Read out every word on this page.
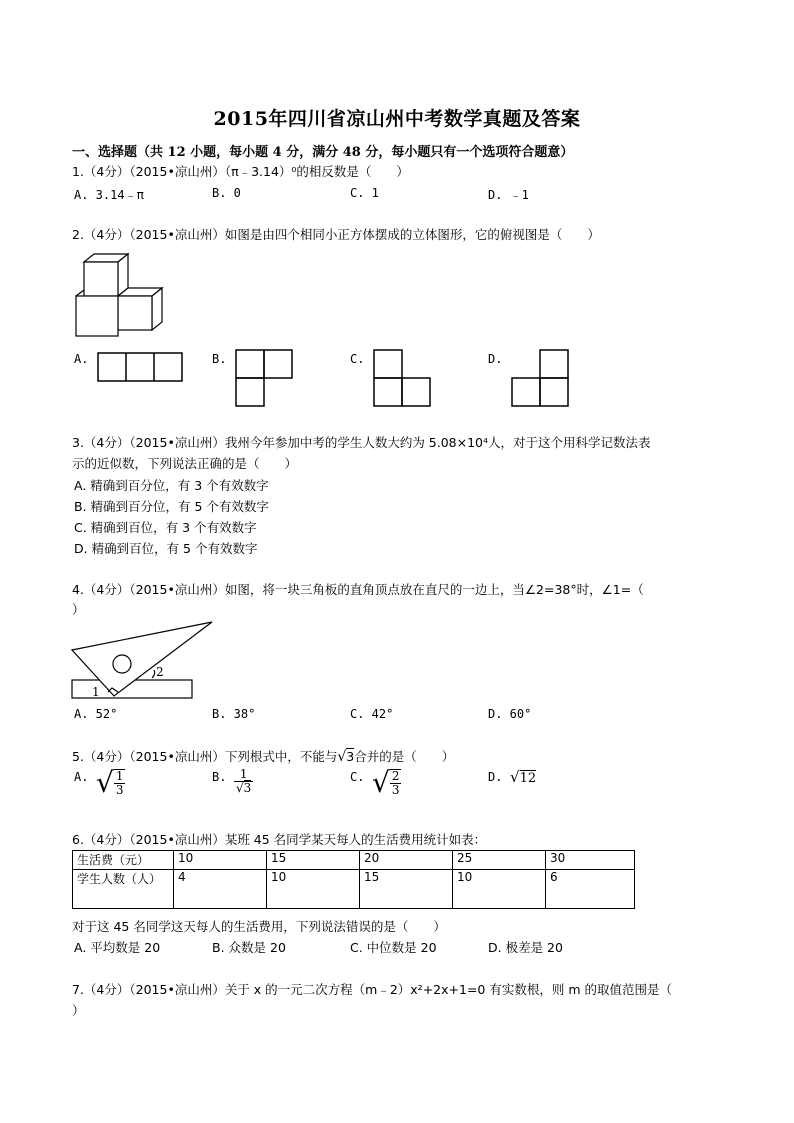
2015年四川省凉山州中考数学真题及答案
一、选择题（共 12 小题，每小题 4 分，满分 48 分，每小题只有一个选项符合题意）
1.（4分）（2015•凉山州）（π﹣3.14）⁰的相反数是（　　）
A. 3.14﹣π	B. 0	C. 1	D. ﹣1
2.（4分）（2015•凉山州）如图是由四个相同小正方体摆成的立体图形，它的俯视图是（　　）
A.	B.	C.	D.
3.（4分）（2015•凉山州）我州今年参加中考的学生人数大约为 5.08×10⁴人，对于这个用科学记数法表
示的近似数，下列说法正确的是（　　）
A. 精确到百分位，有 3 个有效数字
B. 精确到百分位，有 5 个有效数字
C. 精确到百位，有 3 个有效数字
D. 精确到百位，有 5 个有效数字
4.（4分）（2015•凉山州）如图，将一块三角板的直角顶点放在直尺的一边上，当∠2=38°时，∠1=（
）
2
1
A. 52°	B. 38°	C. 42°	D. 60°
5.（4分）（2015•凉山州）下列根式中，不能与√3合并的是（　　）
A. √ $\frac{1}{3}$	B. $\frac{1}{√3}$	C. √ $\frac{2}{3}$	D. √12
6.（4分）（2015•凉山州）某班 45 名同学某天每人的生活费用统计如表：
生活费（元）	10	15	20	25	30
学生人数（人）	4	10	15	10	6
对于这 45 名同学这天每人的生活费用，下列说法错误的是（　　）
A. 平均数是 20	B. 众数是 20	C. 中位数是 20	D. 极差是 20
7.（4分）（2015•凉山州）关于 x 的一元二次方程（m﹣2）x²+2x+1=0 有实数根，则 m 的取值范围是（
）
